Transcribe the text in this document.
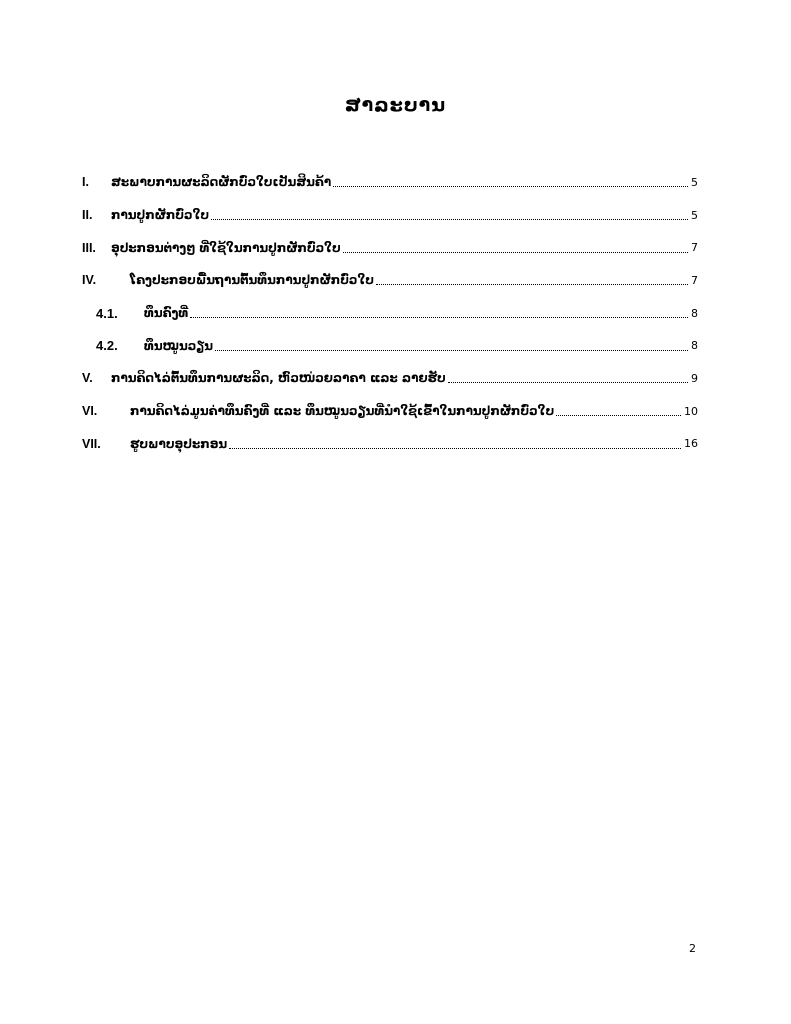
ສາລະບານ
I.	ສະພາບການຜະລິດຜັກບົ່ວໃບເປັນສິນຄ້າ	5
II.	ການປູກຜັກບົ່ວໃບ	5
III.	ອຸປະກອນຕ່າງໆ ທີ່ໃຊ້ໃນການປູກຜັກບົ່ວໃບ	7
IV.	ໂຄງປະກອບພື້ນຖານຕົ້ນທຶນການປູກຜັກບົ່ວໃບ	7
4.1.	ທຶນຄົງທີ່	8
4.2.	ທຶນໝູນວຽນ	8
V.	ການຄິດໄລ່ຕົ້ນທຶນການຜະລິດ, ຫົວໜ່ວຍລາຄາ ແລະ ລາຍຮັບ	9
VI.	ການຄິດໄລ່ມູນຄ່າທຶນຄົງທີ່ ແລະ ທຶນໝູນວຽນທີ່ນຳໃຊ້ເຂົ້າໃນການປູກຜັກບົ່ວໃບ	10
VII.	ຮູບພາບອຸປະກອນ	16
2
